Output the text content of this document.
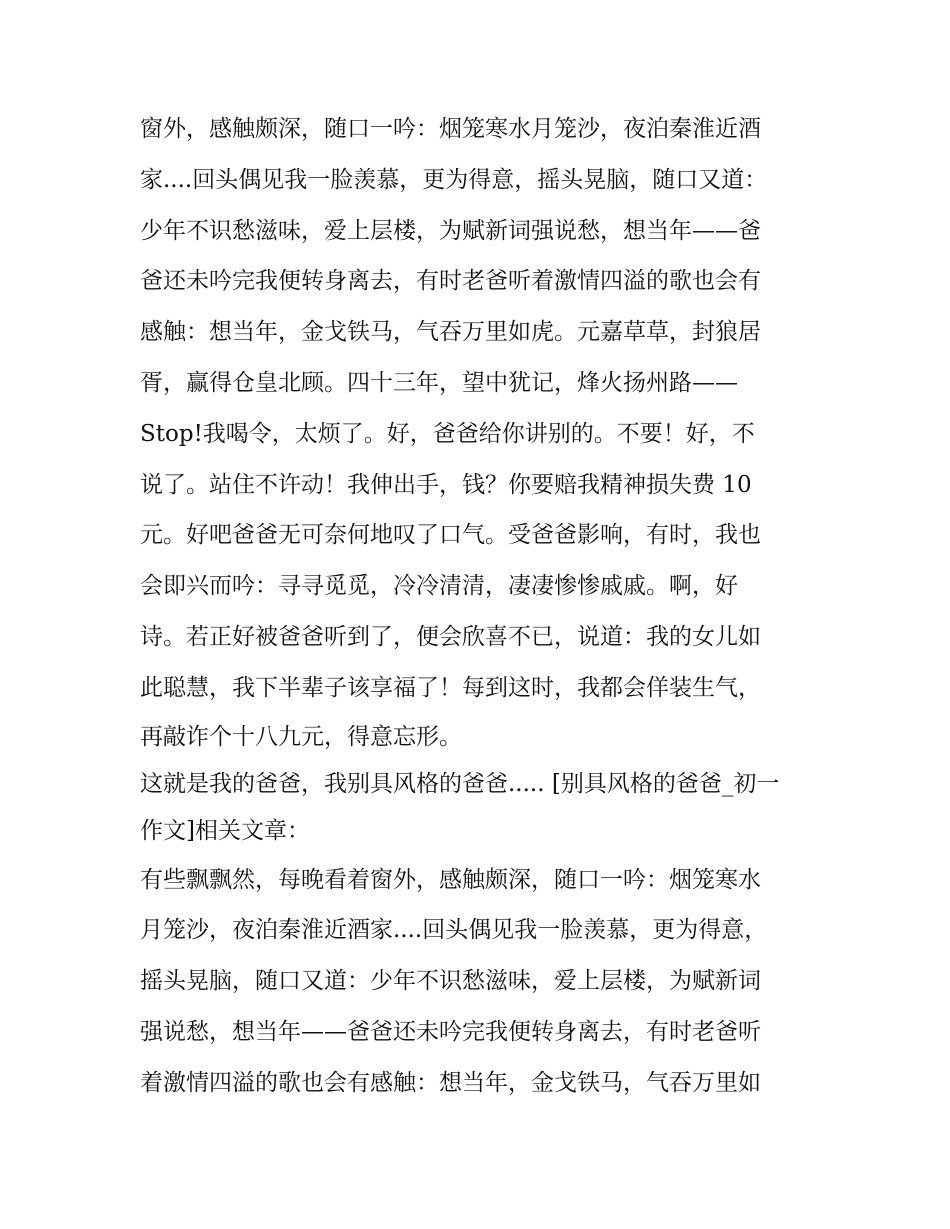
窗外，感触颇深，随口一吟：烟笼寒水月笼沙，夜泊秦淮近酒
家....回头偶见我一脸羡慕，更为得意，摇头晃脑，随口又道：
少年不识愁滋味，爱上层楼，为赋新词强说愁，想当年——爸
爸还未吟完我便转身离去，有时老爸听着激情四溢的歌也会有
感触：想当年，金戈铁马，气吞万里如虎。元嘉草草，封狼居
胥，赢得仓皇北顾。四十三年，望中犹记，烽火扬州路——
Stop!我喝令，太烦了。好，爸爸给你讲别的。不要！好，不
说了。站住不许动！我伸出手，钱？你要赔我精神损失费 10
元。好吧爸爸无可奈何地叹了口气。受爸爸影响，有时，我也
会即兴而吟：寻寻觅觅，冷冷清清，凄凄惨惨戚戚。啊，好
诗。若正好被爸爸听到了，便会欣喜不已，说道：我的女儿如
此聪慧，我下半辈子该享福了！每到这时，我都会佯装生气，
再敲诈个十八九元，得意忘形。
这就是我的爸爸，我别具风格的爸爸..... [别具风格的爸爸_初一
作文]相关文章：
有些飘飘然，每晚看着窗外，感触颇深，随口一吟：烟笼寒水
月笼沙，夜泊秦淮近酒家....回头偶见我一脸羡慕，更为得意，
摇头晃脑，随口又道：少年不识愁滋味，爱上层楼，为赋新词
强说愁，想当年——爸爸还未吟完我便转身离去，有时老爸听
着激情四溢的歌也会有感触：想当年，金戈铁马，气吞万里如
